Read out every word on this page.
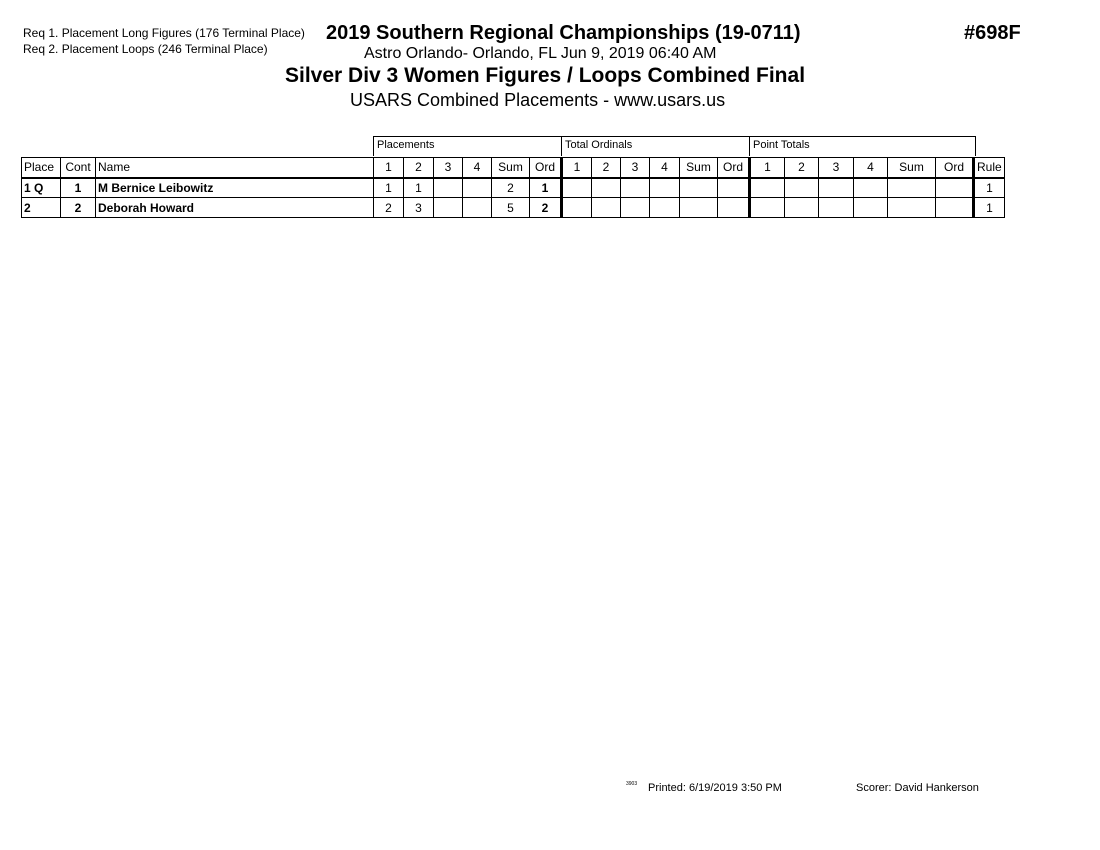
Req 1. Placement Long Figures (176 Terminal Place)
Req 2. Placement Loops (246 Terminal Place)
2019 Southern Regional Championships (19-0711)	#698F
Astro Orlando- Orlando, FL Jun 9, 2019 06:40 AM
Silver Div 3 Women Figures / Loops Combined Final
USARS Combined Placements - www.usars.us
Placements	Total Ordinals	Point Totals
Place	Cont	Name	1	2	3	4	Sum	Ord	1	2	3	4	Sum	Ord	1	2	3	4	Sum	Ord	Rule
1 Q	1	M Bernice Leibowitz	1	1			2	1													1
2	2	Deborah Howard	2	3			5	2													1
3903 Printed: 6/19/2019 3:50 PM	Scorer: David Hankerson
